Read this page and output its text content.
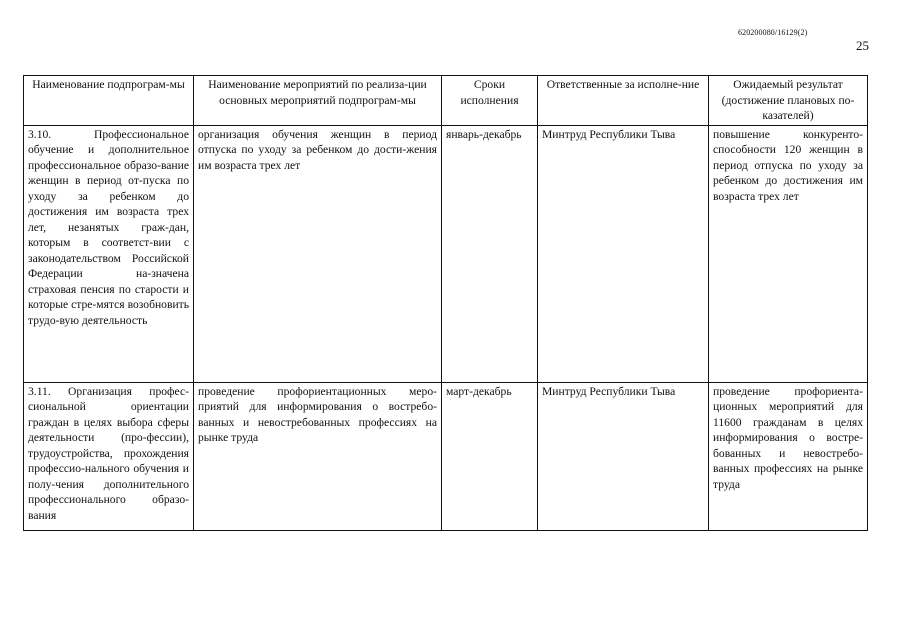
620200080/16129(2)
25
Наименование подпрограм-мы	Наименование мероприятий по реализа-ции основных мероприятий подпрограм-мы	Сроки исполнения	Ответственные за исполне-ние	Ожидаемый результат (достижение плановых по-казателей)
3.10. Профессиональное обучение и дополнительное профессиональное образо-вание женщин в период от-пуска по уходу за ребенком до достижения им возраста трех лет, незанятых граж-дан, которым в соответст-вии с законодательством Российской Федерации на-значена страховая пенсия по старости и которые стре-мятся возобновить трудо-вую деятельность	организация обучения женщин в период отпуска по уходу за ребенком до дости-жения им возраста трех лет	январь-декабрь	Минтруд Республики Тыва	повышение конкуренто-способности 120 женщин в период отпуска по уходу за ребенком до достижения им возраста трех лет
3.11. Организация профес-сиональной ориентации граждан в целях выбора сферы деятельности (про-фессии), трудоустройства, прохождения профессио-нального обучения и полу-чения дополнительного профессионального образо-вания	проведение профориентационных меро-приятий для информирования о востребо-ванных и невостребованных профессиях на рынке труда	март-декабрь	Минтруд Республики Тыва	проведение профориента-ционных мероприятий для 11600 гражданам в целях информирования о востре-бованных и невостребо-ванных профессиях на рынке труда
